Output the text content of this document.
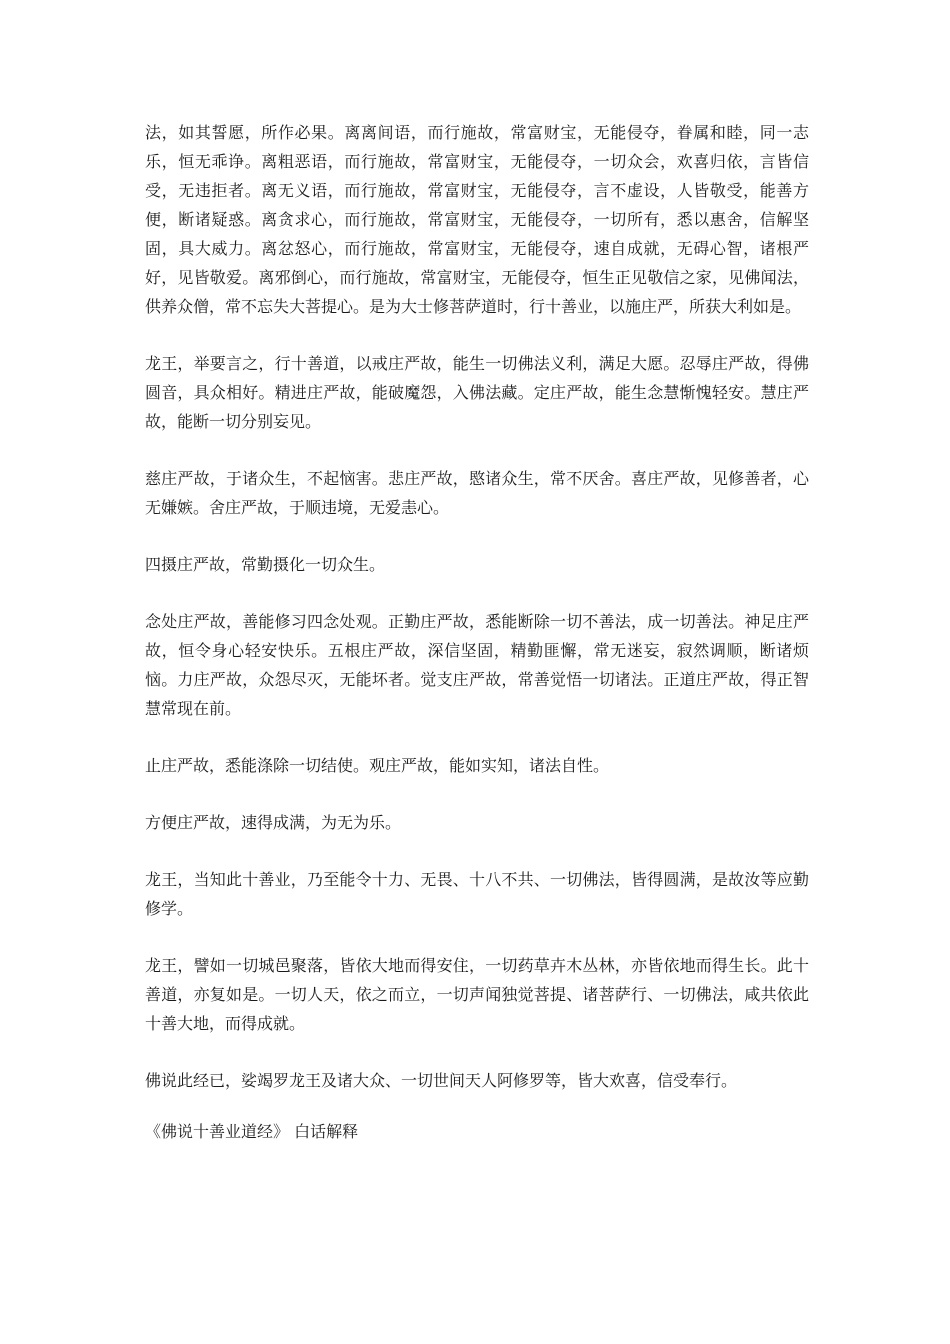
法，如其誓愿，所作必果。离离间语，而行施故，常富财宝，无能侵夺，眷属和睦，同一志乐，恒无乖诤。离粗恶语，而行施故，常富财宝，无能侵夺，一切众会，欢喜归依，言皆信受，无违拒者。离无义语，而行施故，常富财宝，无能侵夺，言不虚设，人皆敬受，能善方便，断诸疑惑。离贪求心，而行施故，常富财宝，无能侵夺，一切所有，悉以惠舍，信解坚固，具大威力。离忿怒心，而行施故，常富财宝，无能侵夺，速自成就，无碍心智，诸根严好，见皆敬爱。离邪倒心，而行施故，常富财宝，无能侵夺，恒生正见敬信之家，见佛闻法，供养众僧，常不忘失大菩提心。是为大士修菩萨道时，行十善业，以施庄严，所获大利如是。

龙王，举要言之，行十善道，以戒庄严故，能生一切佛法义利，满足大愿。忍辱庄严故，得佛圆音，具众相好。精进庄严故，能破魔怨，入佛法藏。定庄严故，能生念慧惭愧轻安。慧庄严故，能断一切分别妄见。

慈庄严故，于诸众生，不起恼害。悲庄严故，愍诸众生，常不厌舍。喜庄严故，见修善者，心无嫌嫉。舍庄严故，于顺违境，无爱恚心。

四摄庄严故，常勤摄化一切众生。

念处庄严故，善能修习四念处观。正勤庄严故，悉能断除一切不善法，成一切善法。神足庄严故，恒令身心轻安快乐。五根庄严故，深信坚固，精勤匪懈，常无迷妄，寂然调顺，断诸烦恼。力庄严故，众怨尽灭，无能坏者。觉支庄严故，常善觉悟一切诸法。正道庄严故，得正智慧常现在前。

止庄严故，悉能涤除一切结使。观庄严故，能如实知，诸法自性。

方便庄严故，速得成满，为无为乐。

龙王，当知此十善业，乃至能令十力、无畏、十八不共、一切佛法，皆得圆满，是故汝等应勤修学。

龙王，譬如一切城邑聚落，皆依大地而得安住，一切药草卉木丛林，亦皆依地而得生长。此十善道，亦复如是。一切人天，依之而立，一切声闻独觉菩提、诸菩萨行、一切佛法，咸共依此十善大地，而得成就。

佛说此经已，娑竭罗龙王及诸大众、一切世间天人阿修罗等，皆大欢喜，信受奉行。

《佛说十善业道经》 白话解释
